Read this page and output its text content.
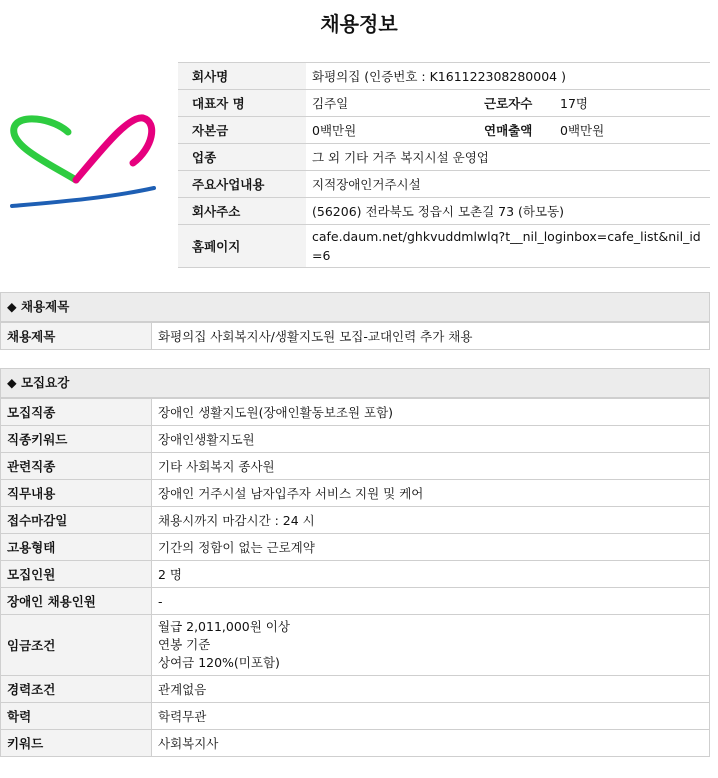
채용정보
회사명	화평의집 (인증번호 : K161122308280004 )		
대표자 명	김주일	근로자수	17명
자본금	0백만원	연매출액	0백만원
업종	그 외 기타 거주 복지시설 운영업		
주요사업내용	지적장애인거주시설		
회사주소	(56206) 전라북도 정읍시 모촌길 73 (하모동)		
홈페이지	cafe.daum.net/ghkvuddmlwlq?t__nil_loginbox=cafe_list&nil_id=6		
◆ 채용제목
채용제목	화평의집 사회복지사/생활지도원 모집-교대인력 추가 채용
◆ 모집요강
모집직종	장애인 생활지도원(장애인활동보조원 포함)
직종키워드	장애인생활지도원
관련직종	기타 사회복지 종사원
직무내용	장애인 거주시설 남자입주자 서비스 지원 및 케어
접수마감일	채용시까지 마감시간 : 24 시
고용형태	기간의 정함이 없는 근로계약
모집인원	2 명
장애인 채용인원	-
임금조건	월급 2,011,000원 이상
연봉 기준
상여금 120%(미포함)

경력조건	관계없음
학력	학력무관
키워드	사회복지사
